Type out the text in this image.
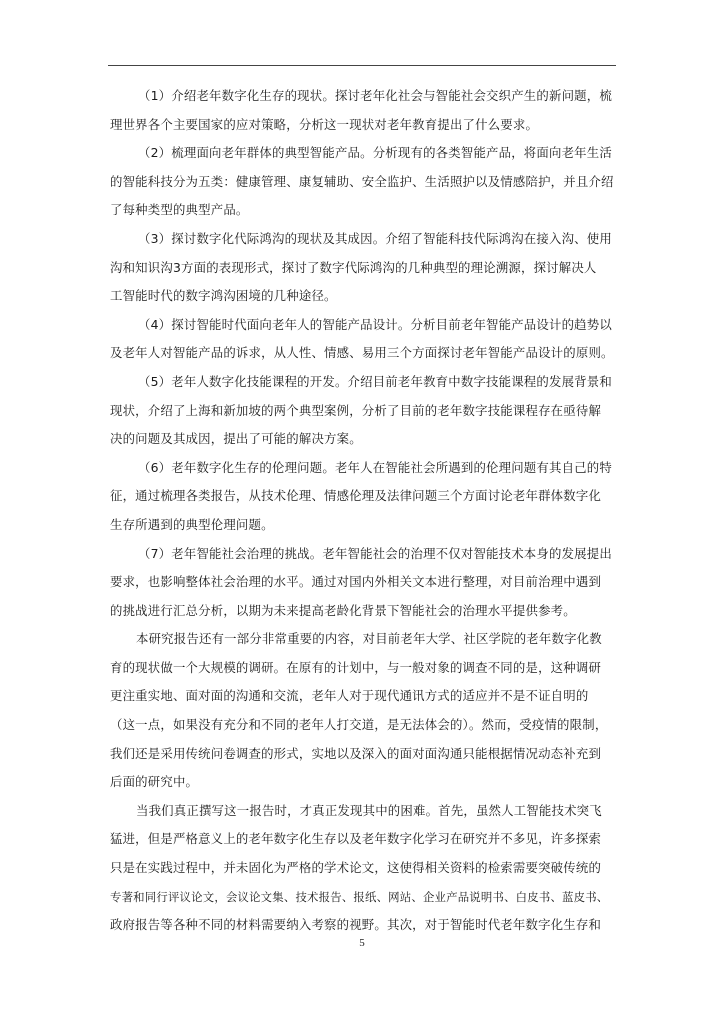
（1）介绍老年数字化生存的现状。探讨老年化社会与智能社会交织产生的新问题，梳
理世界各个主要国家的应对策略，分析这一现状对老年教育提出了什么要求。
（2）梳理面向老年群体的典型智能产品。分析现有的各类智能产品，将面向老年生活
的智能科技分为五类：健康管理、康复辅助、安全监护、生活照护以及情感陪护，并且介绍
了每种类型的典型产品。
（3）探讨数字化代际鸿沟的现状及其成因。介绍了智能科技代际鸿沟在接入沟、使用
沟和知识沟3方面的表现形式，探讨了数字代际鸿沟的几种典型的理论溯源，探讨解决人
工智能时代的数字鸿沟困境的几种途径。
（4）探讨智能时代面向老年人的智能产品设计。分析目前老年智能产品设计的趋势以
及老年人对智能产品的诉求，从人性、情感、易用三个方面探讨老年智能产品设计的原则。
（5）老年人数字化技能课程的开发。介绍目前老年教育中数字技能课程的发展背景和
现状，介绍了上海和新加坡的两个典型案例，分析了目前的老年数字技能课程存在亟待解
决的问题及其成因，提出了可能的解决方案。
（6）老年数字化生存的伦理问题。老年人在智能社会所遇到的伦理问题有其自己的特
征，通过梳理各类报告，从技术伦理、情感伦理及法律问题三个方面讨论老年群体数字化
生存所遇到的典型伦理问题。
（7）老年智能社会治理的挑战。老年智能社会的治理不仅对智能技术本身的发展提出
要求，也影响整体社会治理的水平。通过对国内外相关文本进行整理，对目前治理中遇到
的挑战进行汇总分析，以期为未来提高老龄化背景下智能社会的治理水平提供参考。
本研究报告还有一部分非常重要的内容，对目前老年大学、社区学院的老年数字化教
育的现状做一个大规模的调研。在原有的计划中，与一般对象的调查不同的是，这种调研
更注重实地、面对面的沟通和交流，老年人对于现代通讯方式的适应并不是不证自明的
（这一点，如果没有充分和不同的老年人打交道，是无法体会的）。然而，受疫情的限制，
我们还是采用传统问卷调查的形式，实地以及深入的面对面沟通只能根据情况动态补充到
后面的研究中。
当我们真正撰写这一报告时，才真正发现其中的困难。首先，虽然人工智能技术突飞
猛进，但是严格意义上的老年数字化生存以及老年数字化学习在研究并不多见，许多探索
只是在实践过程中，并未固化为严格的学术论文，这使得相关资料的检索需要突破传统的
专著和同行评议论文，会议论文集、技术报告、报纸、网站、企业产品说明书、白皮书、蓝皮书、
政府报告等各种不同的材料需要纳入考察的视野。其次，对于智能时代老年数字化生存和
5
